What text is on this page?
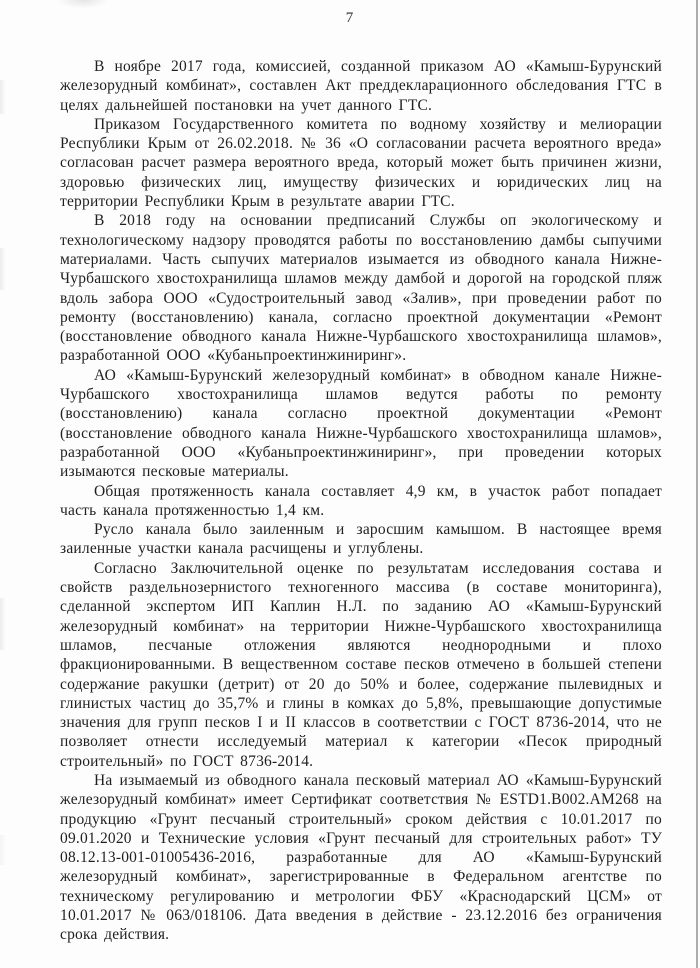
7

В ноябре 2017 года, комиссией, созданной приказом АО «Камыш-Бурунский железорудный комбинат», составлен Акт преддекларационного обследования ГТС в целях дальнейшей постановки на учет данного ГТС.

Приказом Государственного комитета по водному хозяйству и мелиорации Республики Крым от 26.02.2018. № 36 «О согласовании расчета вероятного вреда» согласован расчет размера вероятного вреда, который может быть причинен жизни, здоровью физических лиц, имуществу физических и юридических лиц на территории Республики Крым в результате аварии ГТС.

В 2018 году на основании предписаний Службы оп экологическому и технологическому надзору проводятся работы по восстановлению дамбы сыпучими материалами. Часть сыпучих материалов изымается из обводного канала Нижне-Чурбашского хвостохранилища шламов между дамбой и дорогой на городской пляж вдоль забора ООО «Судостроительный завод «Залив», при проведении работ по ремонту (восстановлению) канала, согласно проектной документации «Ремонт (восстановление обводного канала Нижне-Чурбашского хвостохранилища шламов», разработанной ООО «Кубаньпроектинжиниринг».

АО «Камыш-Бурунский железорудный комбинат» в обводном канале Нижне-Чурбашского хвостохранилища шламов ведутся работы по ремонту (восстановлению) канала согласно проектной документации «Ремонт (восстановление обводного канала Нижне-Чурбашского хвостохранилища шламов», разработанной ООО «Кубаньпроектинжиниринг», при проведении которых изымаются песковые материалы.

Общая протяженность канала составляет 4,9 км, в участок работ попадает часть канала протяженностью 1,4 км.

Русло канала было заиленным и заросшим камышом. В настоящее время заиленные участки канала расчищены и углублены.

Согласно Заключительной оценке по результатам исследования состава и свойств раздельнозернистого техногенного массива (в составе мониторинга), сделанной экспертом ИП Каплин Н.Л. по заданию АО «Камыш-Бурунский железорудный комбинат» на территории Нижне-Чурбашского хвостохранилища шламов, песчаные отложения являются неоднородными и плохо фракционированными. В вещественном составе песков отмечено в большей степени содержание ракушки (детрит) от 20 до 50% и более, содержание пылевидных и глинистых частиц до 35,7% и глины в комках до 5,8%, превышающие допустимые значения для групп песков I и II классов в соответствии с ГОСТ 8736-2014, что не позволяет отнести исследуемый материал к категории «Песок природный строительный» по ГОСТ 8736-2014.

На изымаемый из обводного канала песковый материал АО «Камыш-Бурунский железорудный комбинат» имеет Сертификат соответствия № ESTD1.B002.AM268 на продукцию «Грунт песчаный строительный» сроком действия с 10.01.2017 по 09.01.2020 и Технические условия «Грунт песчаный для строительных работ» ТУ 08.12.13-001-01005436-2016, разработанные для АО «Камыш-Бурунский железорудный комбинат», зарегистрированные в Федеральном агентстве по техническому регулированию и метрологии ФБУ «Краснодарский ЦСМ» от 10.01.2017 № 063/018106. Дата введения в действие - 23.12.2016 без ограничения срока действия.
